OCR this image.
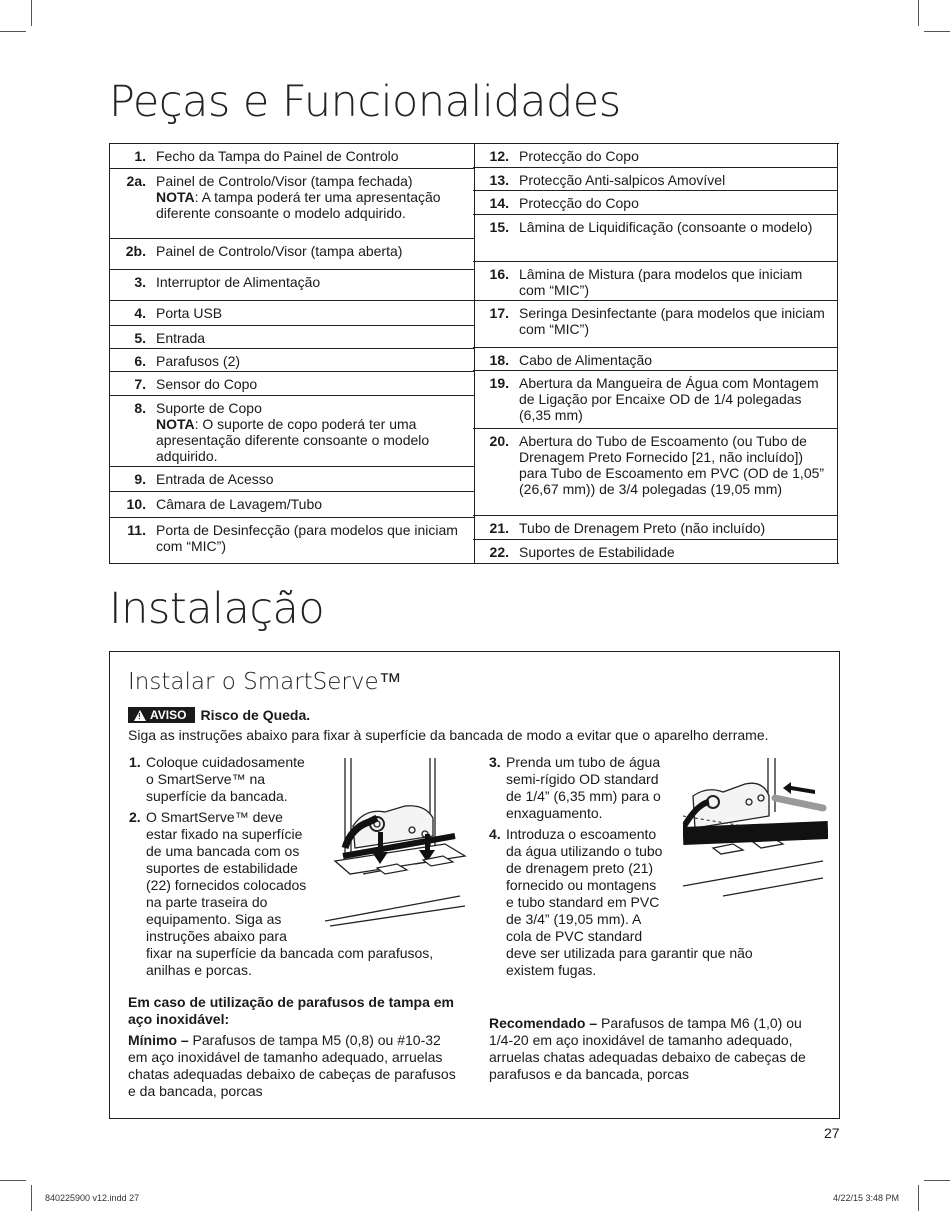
Peças e Funcionalidades
1. Fecho da Tampa do Painel de Controlo
2a. Painel de Controlo/Visor (tampa fechada)
NOTA: A tampa poderá ter uma apresentação diferente consoante o modelo adquirido.
2b. Painel de Controlo/Visor (tampa aberta)
3. Interruptor de Alimentação
4. Porta USB
5. Entrada
6. Parafusos (2)
7. Sensor do Copo
8. Suporte de Copo
NOTA: O suporte de copo poderá ter uma apresentação diferente consoante o modelo adquirido.
9. Entrada de Acesso
10. Câmara de Lavagem/Tubo
11. Porta de Desinfecção (para modelos que iniciam com “MIC”)
12. Protecção do Copo
13. Protecção Anti-salpicos Amovível
14. Protecção do Copo
15. Lâmina de Liquidificação (consoante o modelo)
16. Lâmina de Mistura (para modelos que iniciam com “MIC”)
17. Seringa Desinfectante (para modelos que iniciam com “MIC”)
18. Cabo de Alimentação
19. Abertura da Mangueira de Água com Montagem de Ligação por Encaixe OD de 1/4 polegadas (6,35 mm)
20. Abertura do Tubo de Escoamento (ou Tubo de Drenagem Preto Fornecido [21, não incluído]) para Tubo de Escoamento em PVC (OD de 1,05” (26,67 mm)) de 3/4 polegadas (19,05 mm)
21. Tubo de Drenagem Preto (não incluído)
22. Suportes de Estabilidade
Instalação
Instalar o SmartServe™
! AVISO Risco de Queda.
Siga as instruções abaixo para fixar à superfície da bancada de modo a evitar que o aparelho derrame.
1. Coloque cuidadosamente
o SmartServe™ na
superfície da bancada.
2. O SmartServe™ deve
estar fixado na superfície
de uma bancada com os
suportes de estabilidade
(22) fornecidos colocados
na parte traseira do
equipamento. Siga as
instruções abaixo para
fixar na superfície da bancada com parafusos,
anilhas e porcas.
3. Prenda um tubo de água
semi-rígido OD standard
de 1/4” (6,35 mm) para o
enxaguamento.
4. Introduza o escoamento
da água utilizando o tubo
de drenagem preto (21)
fornecido ou montagens
e tubo standard em PVC
de 3/4” (19,05 mm). A
cola de PVC standard
deve ser utilizada para garantir que não
existem fugas.
Em caso de utilização de parafusos de tampa em aço inoxidável:
Mínimo – Parafusos de tampa M5 (0,8) ou #10-32 em aço inoxidável de tamanho adequado, arruelas chatas adequadas debaixo de cabeças de parafusos e da bancada, porcas
Recomendado – Parafusos de tampa M6 (1,0) ou 1/4-20 em aço inoxidável de tamanho adequado, arruelas chatas adequadas debaixo de cabeças de parafusos e da bancada, porcas
27
840225900 v12.indd 27	4/22/15 3:48 PM
